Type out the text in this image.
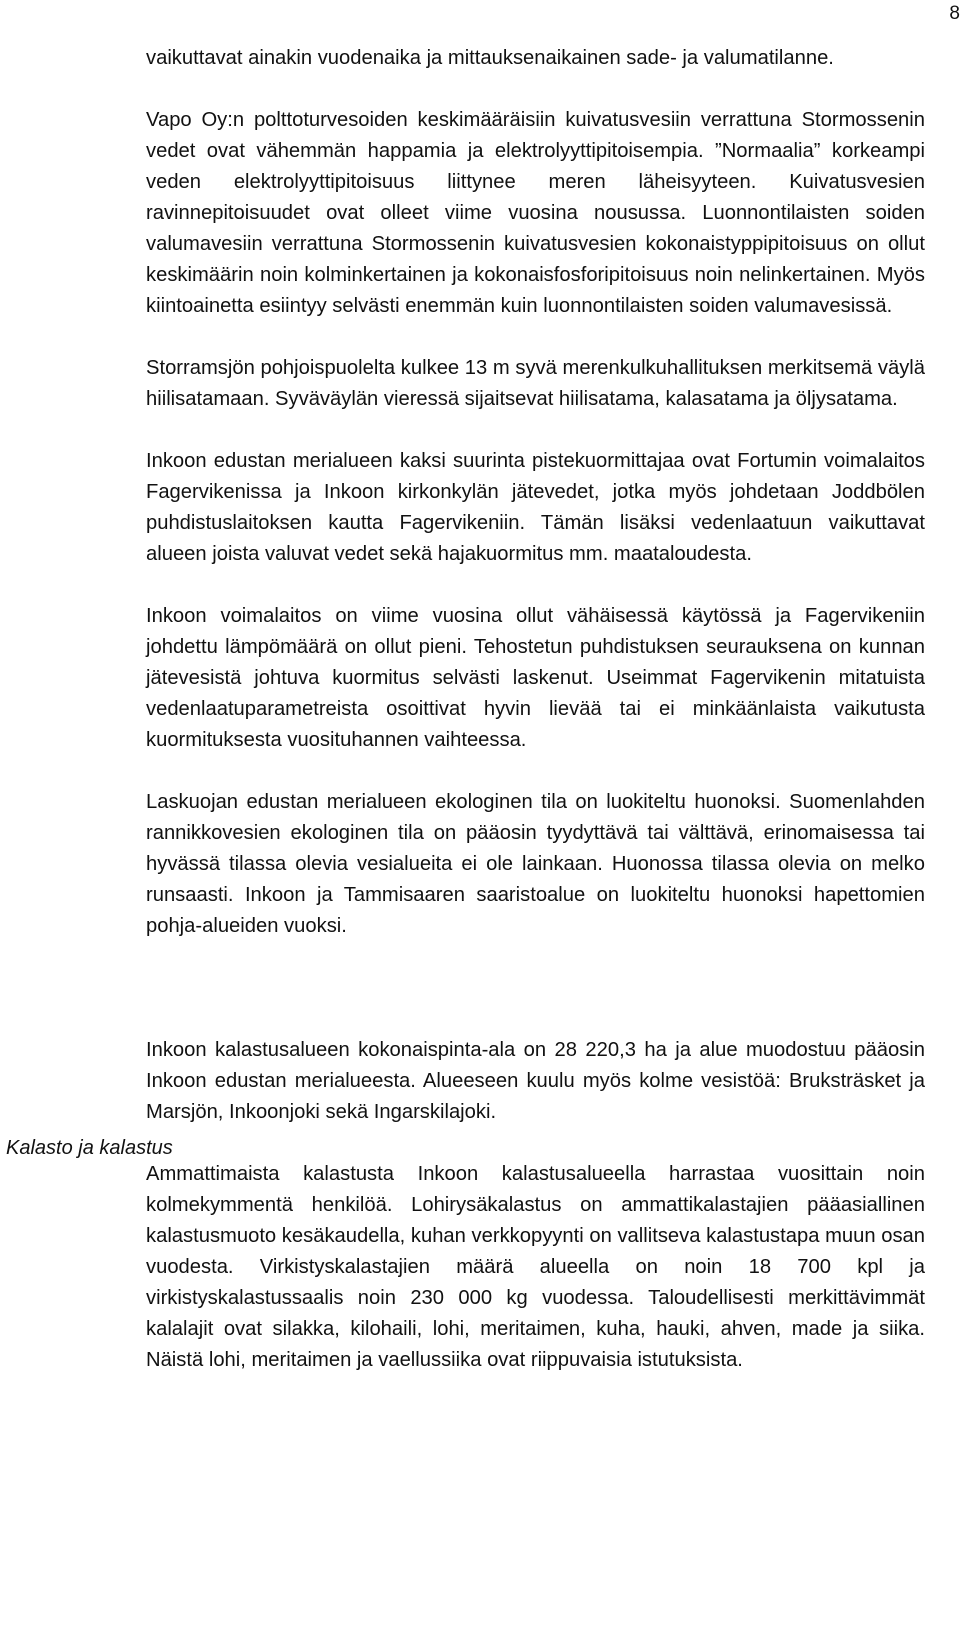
8
Kalasto ja kalastus

vaikuttavat ainakin vuodenaika ja mittauksenaikainen sade- ja valumatilanne.

Vapo Oy:n polttoturvesoiden keskimääräisiin kuivatusvesiin verrattuna Stormossenin vedet ovat vähemmän happamia ja elektrolyyttipitoisempia. ”Normaalia” korkeampi veden elektrolyyttipitoisuus liittynee meren läheisyyteen. Kuivatusvesien ravinnepitoisuudet ovat olleet viime vuosina nousussa. Luonnontilaisten soiden valumavesiin verrattuna Stormossenin kuivatusvesien kokonaistyppipitoisuus on ollut keskimäärin noin kolminkertainen ja kokonaisfosforipitoisuus noin nelinkertainen. Myös kiintoainetta esiintyy selvästi enemmän kuin luonnontilaisten soiden valumavesissä.

Storramsjön pohjoispuolelta kulkee 13 m syvä merenkulkuhallituksen merkitsemä väylä hiilisatamaan. Syväväylän vieressä sijaitsevat hiilisatama, kalasatama ja öljysatama.

Inkoon edustan merialueen kaksi suurinta pistekuormittajaa ovat Fortumin voimalaitos Fagervikenissa ja Inkoon kirkonkylän jätevedet, jotka myös johdetaan Joddbölen puhdistuslaitoksen kautta Fagervikeniin. Tämän lisäksi vedenlaatuun vaikuttavat alueen joista valuvat vedet sekä hajakuormitus mm. maataloudesta.

Inkoon voimalaitos on viime vuosina ollut vähäisessä käytössä ja Fagervikeniin johdettu lämpömäärä on ollut pieni. Tehostetun puhdistuksen seurauksena on kunnan jätevesistä johtuva kuormitus selvästi laskenut. Useimmat Fagervikenin mitatuista vedenlaatuparametreista osoittivat hyvin lievää tai ei minkäänlaista vaikutusta kuormituksesta vuosituhannen vaihteessa.

Laskuojan edustan merialueen ekologinen tila on luokiteltu huonoksi. Suomenlahden rannikkovesien ekologinen tila on pääosin tyydyttävä tai välttävä, erinomaisessa tai hyvässä tilassa olevia vesialueita ei ole lainkaan. Huonossa tilassa olevia on melko runsaasti. Inkoon ja Tammisaaren saaristoalue on luokiteltu huonoksi hapettomien pohja-alueiden vuoksi.

Inkoon kalastusalueen kokonaispinta-ala on 28 220,3 ha ja alue muodostuu pääosin Inkoon edustan merialueesta. Alueeseen kuulu myös kolme vesistöä: Bruksträsket ja Marsjön, Inkoonjoki sekä Ingarskilajoki.

Ammattimaista kalastusta Inkoon kalastusalueella harrastaa vuosittain noin kolmekymmentä henkilöä. Lohirysäkalastus on ammattikalastajien pääasiallinen kalastusmuoto kesäkaudella, kuhan verkkopyynti on vallitseva kalastustapa muun osan vuodesta. Virkistyskalastajien määrä alueella on noin 18 700 kpl ja virkistyskalastussaalis noin 230 000 kg vuodessa. Taloudellisesti merkittävimmät kalalajit ovat silakka, kilohaili, lohi, meritaimen, kuha, hauki, ahven, made ja siika. Näistä lohi, meritaimen ja vaellussiika ovat riippuvaisia istutuksista.
